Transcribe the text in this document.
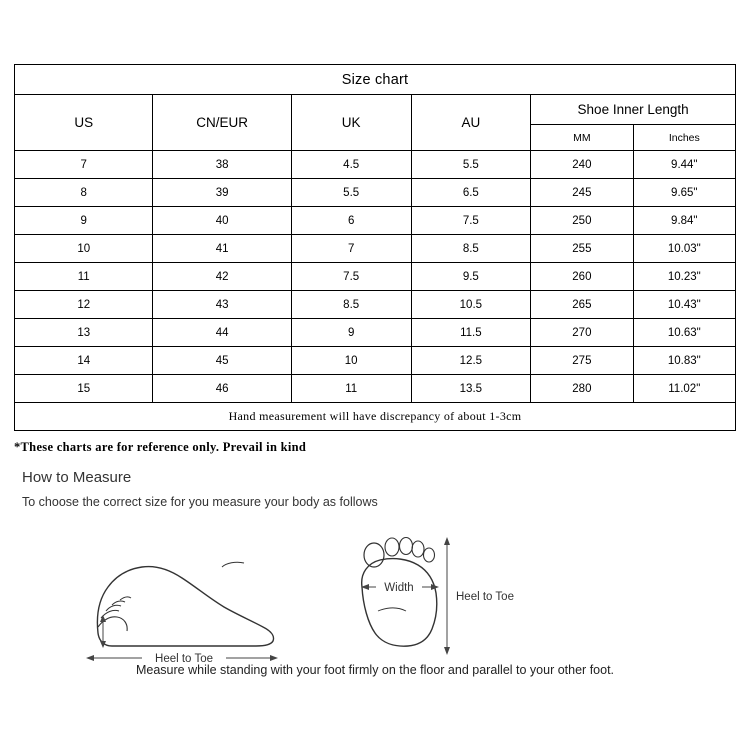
Size chart					
US	CN/EUR	UK	AU	Shoe Inner Length	
				MM	Inches
7	38	4.5	5.5	240	9.44"
8	39	5.5	6.5	245	9.65"
9	40	6	7.5	250	9.84"
10	41	7	8.5	255	10.03"
11	42	7.5	9.5	260	10.23"
12	43	8.5	10.5	265	10.43"
13	44	9	11.5	270	10.63"
14	45	10	12.5	275	10.83"
15	46	11	13.5	280	11.02"
Hand measurement will have discrepancy of about 1-3cm					
*These charts are for reference only. Prevail in kind
How to Measure
To choose the correct size for you measure your body as follows
Heel to Toe
Width
Heel to Toe
Measure while standing with your foot firmly on the floor and parallel to your other foot.
